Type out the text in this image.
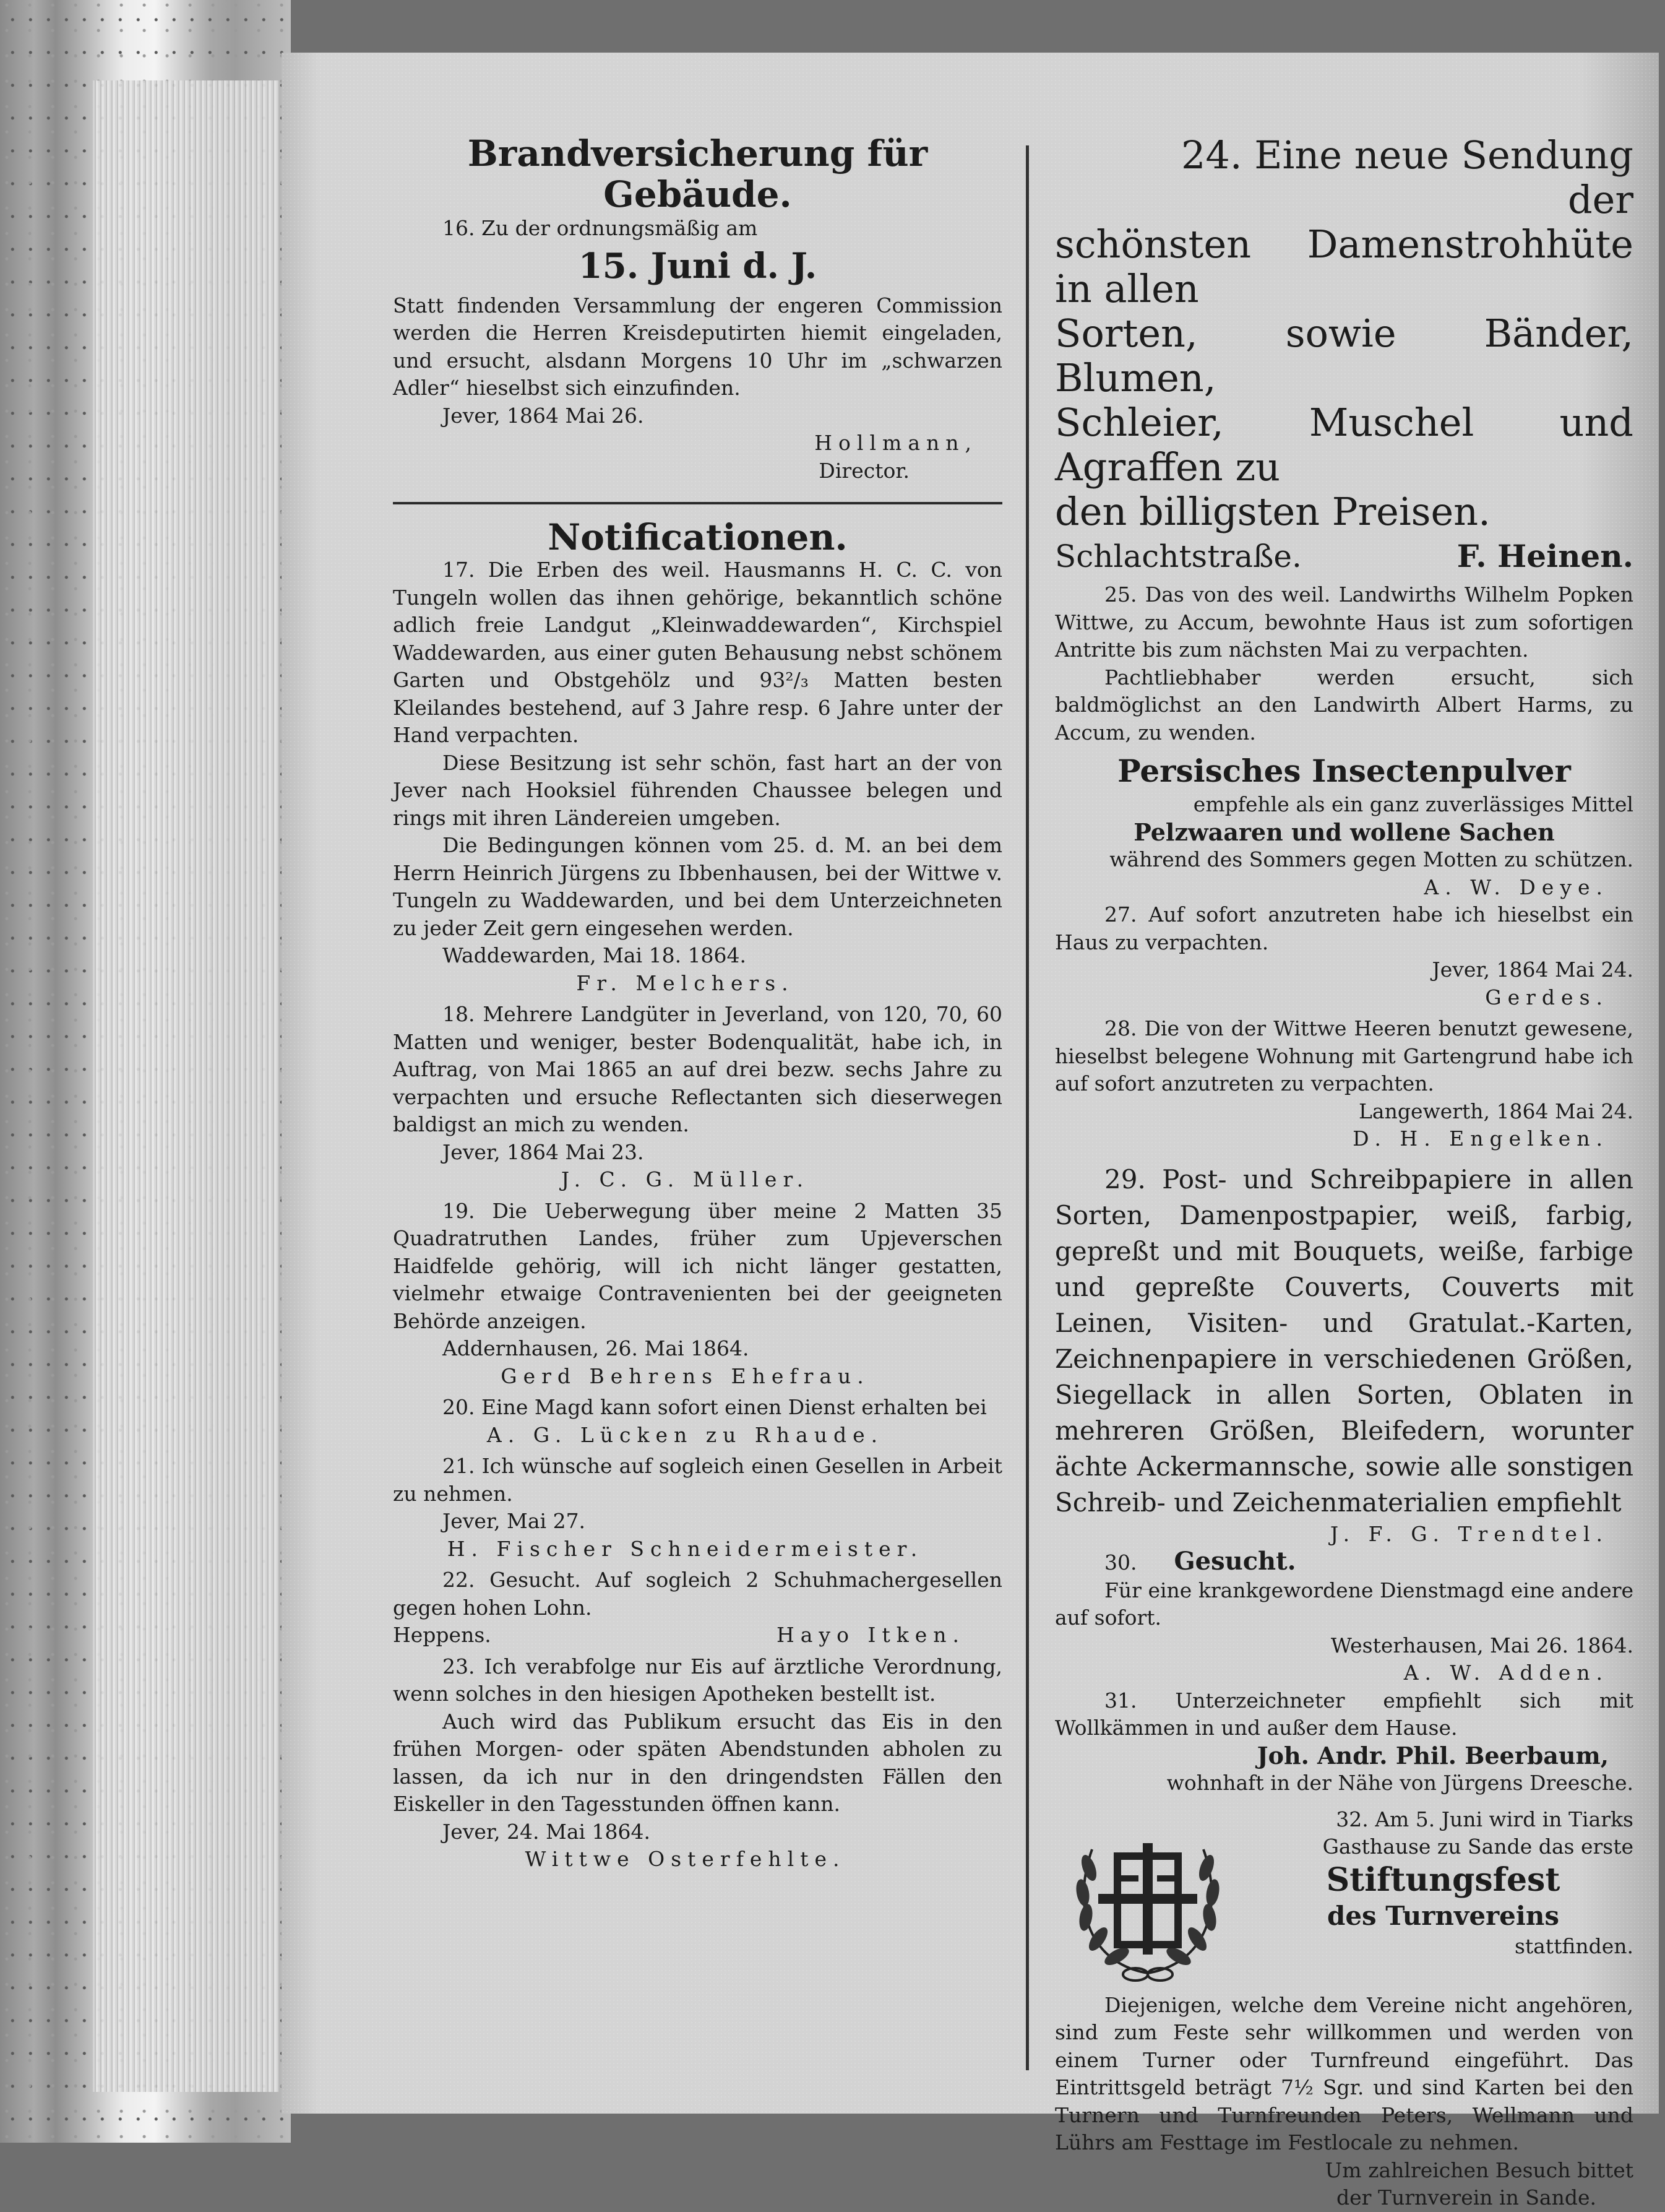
Brandversicherung für Gebäude.
16. Zu der ordnungsmäßig am
15. Juni d. J.

Statt findenden Versammlung der engeren Commission werden die Herren Kreisdeputirten hiemit eingeladen, und ersucht, alsdann Morgens 10 Uhr im „schwarzen Adler“ hieselbst sich einzufinden.

Jever, 1864 Mai 26.
Hollmann,
Director.
Notificationen.

17. Die Erben des weil. Hausmanns H. C. C. von Tungeln wollen das ihnen gehörige, bekanntlich schöne adlich freie Landgut „Kleinwaddewarden“, Kirchspiel Waddewarden, aus einer guten Behausung nebst schönem Garten und Obstgehölz und 93²/₃ Matten besten Kleilandes bestehend, auf 3 Jahre resp. 6 Jahre unter der Hand verpachten.

Diese Besitzung ist sehr schön, fast hart an der von Jever nach Hooksiel führenden Chaussee belegen und rings mit ihren Ländereien umgeben.

Die Bedingungen können vom 25. d. M. an bei dem Herrn Heinrich Jürgens zu Ibbenhausen, bei der Wittwe v. Tungeln zu Waddewarden, und bei dem Unterzeichneten zu jeder Zeit gern eingesehen werden.

Waddewarden, Mai 18. 1864.
Fr. Melchers.

18. Mehrere Landgüter in Jeverland, von 120, 70, 60 Matten und weniger, bester Bodenqualität, habe ich, in Auftrag, von Mai 1865 an auf drei bezw. sechs Jahre zu verpachten und ersuche Reflectanten sich dieserwegen baldigst an mich zu wenden.

Jever, 1864 Mai 23.
J. C. G. Müller.

19. Die Ueberwegung über meine 2 Matten 35 Quadratruthen Landes, früher zum Upjeverschen Haidfelde gehörig, will ich nicht länger gestatten, vielmehr etwaige Contravenienten bei der geeigneten Behörde anzeigen.

Addernhausen, 26. Mai 1864.
Gerd Behrens Ehefrau.

20. Eine Magd kann sofort einen Dienst erhalten bei

A. G. Lücken zu Rhaude.

21. Ich wünsche auf sogleich einen Gesellen in Arbeit zu nehmen.

Jever, Mai 27.
H. Fischer Schneidermeister.

22. Gesucht. Auf sogleich 2 Schuhmachergesellen gegen hohen Lohn.

Heppens.	Hayo Itken.

23. Ich verabfolge nur Eis auf ärztliche Verordnung, wenn solches in den hiesigen Apotheken bestellt ist.

Auch wird das Publikum ersucht das Eis in den frühen Morgen- oder späten Abendstunden abholen zu lassen, da ich nur in den dringendsten Fällen den Eiskeller in den Tagesstunden öffnen kann.

Jever, 24. Mai 1864.
Wittwe Osterfehlte.
24. Eine neue Sendung der
schönsten Damenstrohhüte in allen
Sorten, sowie Bänder, Blumen,
Schleier, Muschel und Agraffen zu
den billigsten Preisen.
Schlachtstraße.	F. Heinen.

25. Das von des weil. Landwirths Wilhelm Popken Wittwe, zu Accum, bewohnte Haus ist zum sofortigen Antritte bis zum nächsten Mai zu verpachten.

Pachtliebhaber werden ersucht, sich baldmöglichst an den Landwirth Albert Harms, zu Accum, zu wenden.

Persisches Insectenpulver
empfehle als ein ganz zuverlässiges Mittel
Pelzwaaren und wollene Sachen
während des Sommers gegen Motten zu schützen.
A. W. Deye.

27. Auf sofort anzutreten habe ich hieselbst ein Haus zu verpachten.

Jever, 1864 Mai 24.
Gerdes.

28. Die von der Wittwe Heeren benutzt gewesene, hieselbst belegene Wohnung mit Gartengrund habe ich auf sofort anzutreten zu verpachten.

Langewerth, 1864 Mai 24.
D. H. Engelken.

29. Post- und Schreibpapiere in allen Sorten, Damenpostpapier, weiß, farbig, gepreßt und mit Bouquets, weiße, farbige und gepreßte Couverts, Couverts mit Leinen, Visiten- und Gratulat.-Karten, Zeichnenpapiere in verschiedenen Größen, Siegellack in allen Sorten, Oblaten in mehreren Größen, Bleifedern, worunter ächte Ackermannsche, sowie alle sonstigen Schreib- und Zeichenmaterialien empfiehlt

J. F. G. Trendtel.
30. Gesucht.

Für eine krankgewordene Dienstmagd eine andere auf sofort.

Westerhausen, Mai 26. 1864.
A. W. Adden.

31. Unterzeichneter empfiehlt sich mit Wollkämmen in und außer dem Hause.

Joh. Andr. Phil. Beerbaum,
wohnhaft in der Nähe von Jürgens Dreesche.
32. Am 5. Juni wird in Tiarks
Gasthause zu Sande das erste
Stiftungsfest
des Turnvereins
stattfinden.

Diejenigen, welche dem Vereine nicht angehören, sind zum Feste sehr willkommen und werden von einem Turner oder Turnfreund eingeführt. Das Eintrittsgeld beträgt 7½ Sgr. und sind Karten bei den Turnern und Turnfreunden Peters, Wellmann und Lührs am Festtage im Festlocale zu nehmen.

Um zahlreichen Besuch bittet
der Turnverein in Sande.
